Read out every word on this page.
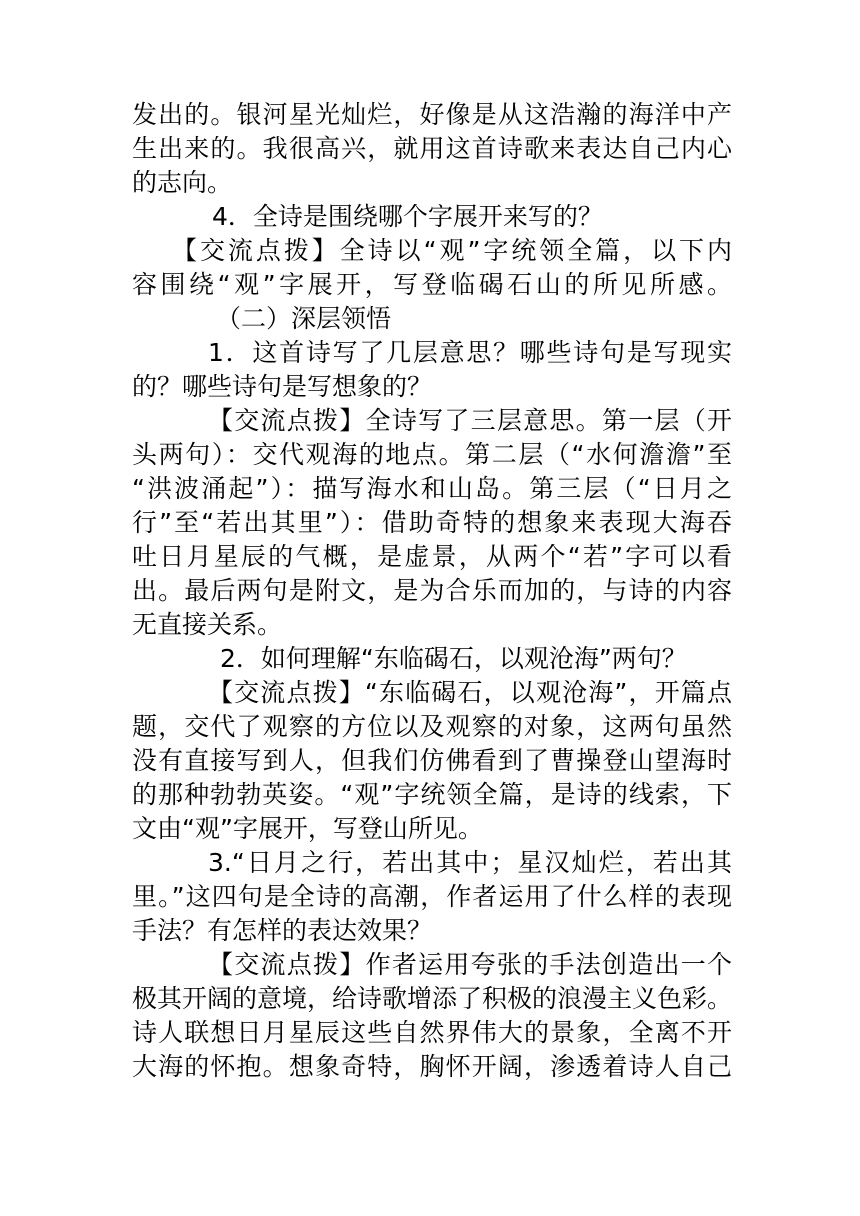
发出的。银河星光灿烂，好像是从这浩瀚的海洋中产
生出来的。我很高兴，就用这首诗歌来表达自己内心
的志向。
4．全诗是围绕哪个字展开来写的？
【交流点拨】全诗以“观”字统领全篇，以下内
容围绕“观”字展开，写登临碣石山的所见所感。
（二）深层领悟
1．这首诗写了几层意思？哪些诗句是写现实
的？哪些诗句是写想象的？
【交流点拨】全诗写了三层意思。第一层（开
头两句）：交代观海的地点。第二层（“水何澹澹”至
“洪波涌起”）：描写海水和山岛。第三层（“日月之
行”至“若出其里”）：借助奇特的想象来表现大海吞
吐日月星辰的气概，是虚景，从两个“若”字可以看
出。最后两句是附文，是为合乐而加的，与诗的内容
无直接关系。
2．如何理解“东临碣石，以观沧海”两句？
【交流点拨】“东临碣石，以观沧海”，开篇点
题，交代了观察的方位以及观察的对象，这两句虽然
没有直接写到人，但我们仿佛看到了曹操登山望海时
的那种勃勃英姿。“观”字统领全篇，是诗的线索，下
文由“观”字展开，写登山所见。
3.“日月之行，若出其中；星汉灿烂，若出其
里。”这四句是全诗的高潮，作者运用了什么样的表现
手法？有怎样的表达效果？
【交流点拨】作者运用夸张的手法创造出一个
极其开阔的意境，给诗歌增添了积极的浪漫主义色彩。
诗人联想日月星辰这些自然界伟大的景象，全离不开
大海的怀抱。想象奇特，胸怀开阔，渗透着诗人自己
